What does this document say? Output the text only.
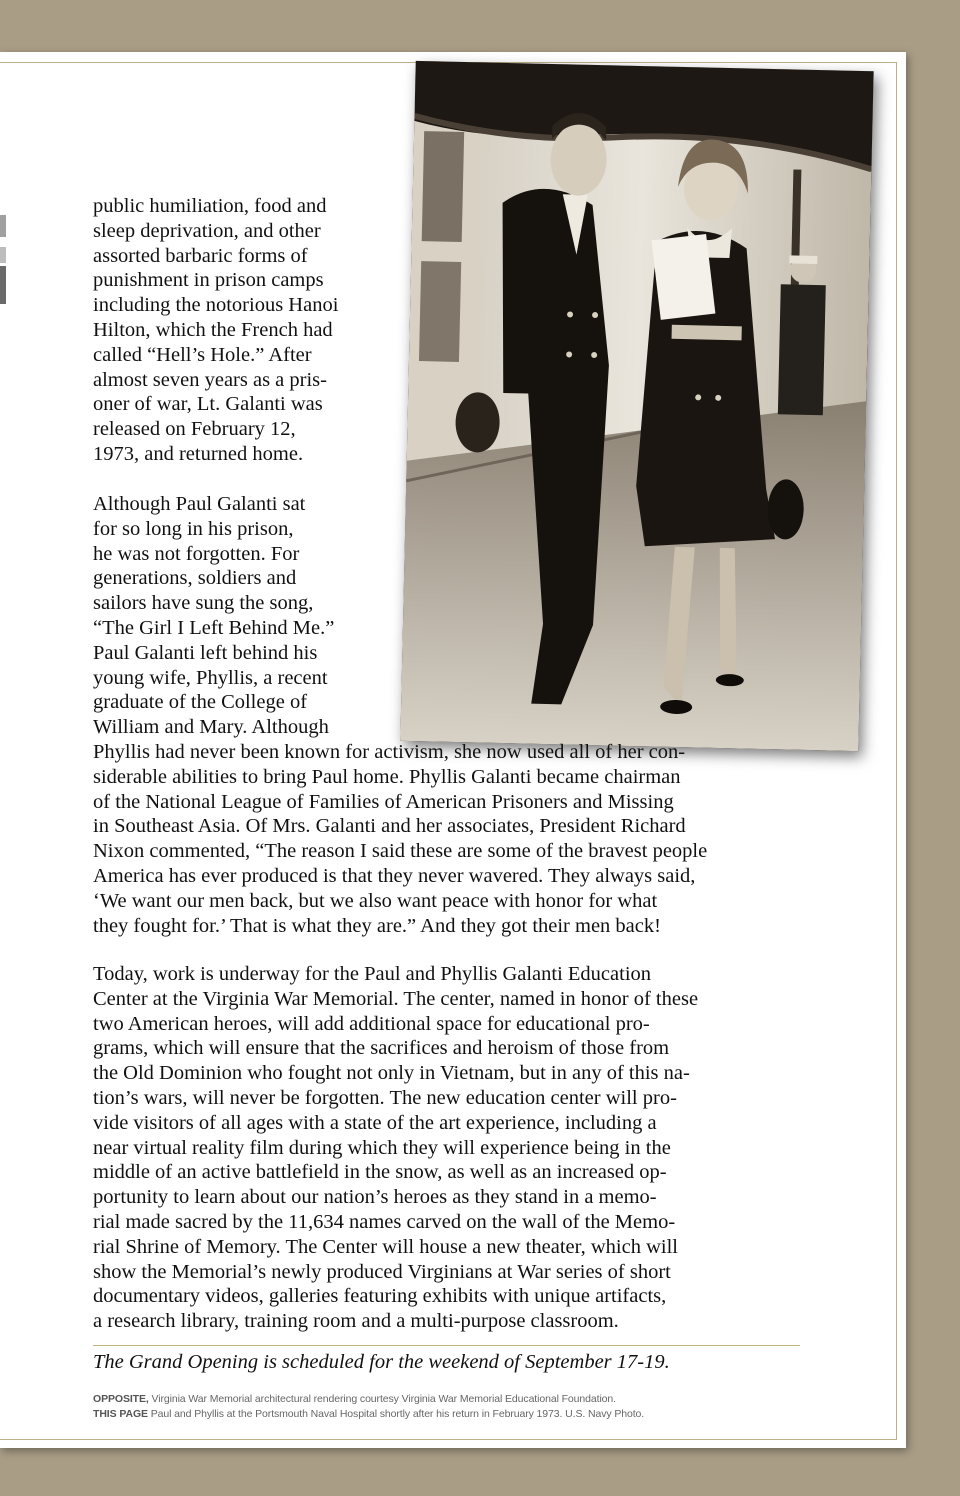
public humiliation, food and
sleep deprivation, and other
assorted barbaric forms of
punishment in prison camps
including the notorious Hanoi
Hilton, which the French had
called “Hell’s Hole.” After
almost seven years as a pris-
oner of war, Lt. Galanti was
released on February 12,
1973, and returned home.
Although Paul Galanti sat
for so long in his prison,
he was not forgotten. For
generations, soldiers and
sailors have sung the song,
“The Girl I Left Behind Me.”
Paul Galanti left behind his
young wife, Phyllis, a recent
graduate of the College of
William and Mary. Although
Phyllis had never been known for activism, she now used all of her con-
siderable abilities to bring Paul home. Phyllis Galanti became chairman
of the National League of Families of American Prisoners and Missing
in Southeast Asia. Of Mrs. Galanti and her associates, President Richard
Nixon commented, “The reason I said these are some of the bravest people
America has ever produced is that they never wavered. They always said,
‘We want our men back, but we also want peace with honor for what
they fought for.’ That is what they are.” And they got their men back!
Today, work is underway for the Paul and Phyllis Galanti Education
Center at the Virginia War Memorial. The center, named in honor of these
two American heroes, will add additional space for educational pro-
grams, which will ensure that the sacrifices and heroism of those from
the Old Dominion who fought not only in Vietnam, but in any of this na-
tion’s wars, will never be forgotten. The new education center will pro-
vide visitors of all ages with a state of the art experience, including a
near virtual reality film during which they will experience being in the
middle of an active battlefield in the snow, as well as an increased op-
portunity to learn about our nation’s heroes as they stand in a memo-
rial made sacred by the 11,634 names carved on the wall of the Memo-
rial Shrine of Memory. The Center will house a new theater, which will
show the Memorial’s newly produced Virginians at War series of short
documentary videos, galleries featuring exhibits with unique artifacts,
a research library, training room and a multi-purpose classroom.
The Grand Opening is scheduled for the weekend of September 17-19.
OPPOSITE, Virginia War Memorial architectural rendering courtesy Virginia War Memorial Educational Foundation.
THIS PAGE Paul and Phyllis at the Portsmouth Naval Hospital shortly after his return in February 1973. U.S. Navy Photo.
